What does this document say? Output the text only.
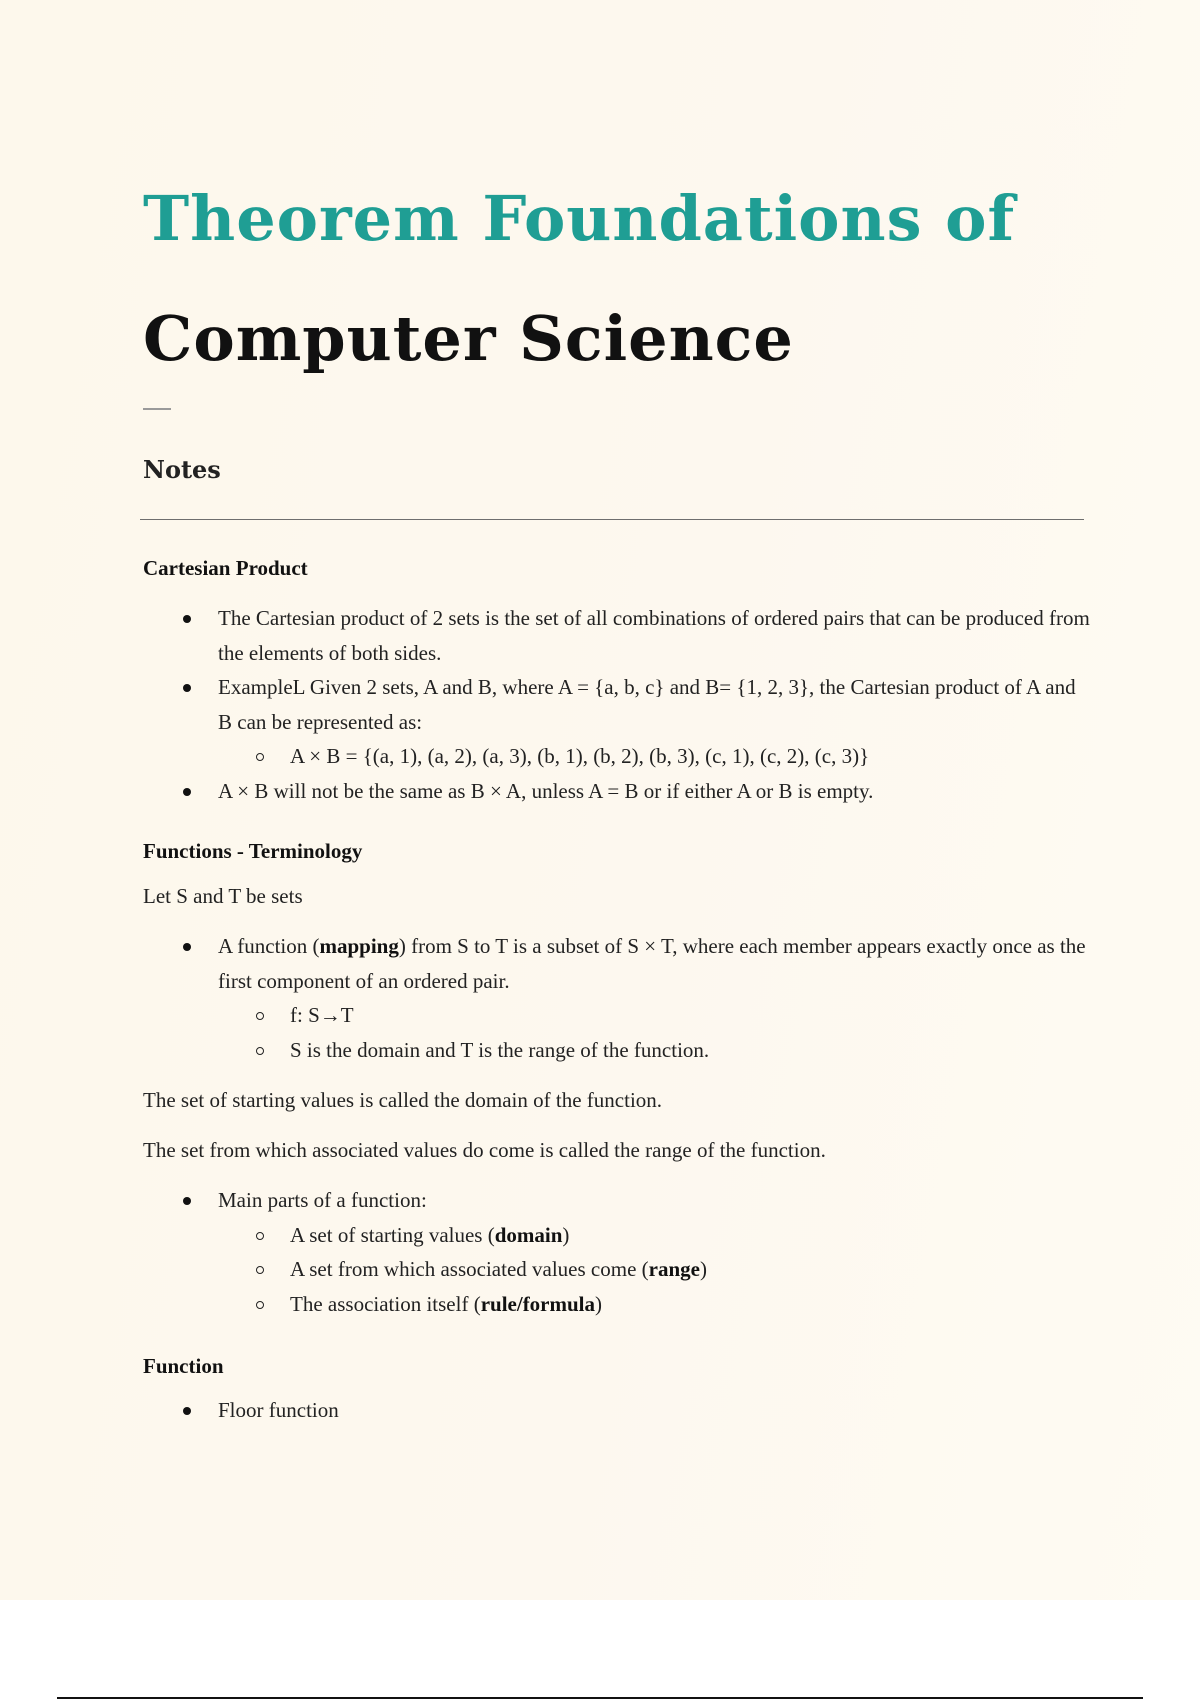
Theorem Foundations of
Computer Science
Notes
Cartesian Product
The Cartesian product of 2 sets is the set of all combinations of ordered pairs that can be produced from the elements of both sides.
ExampleL Given 2 sets, A and B, where A = {a, b, c} and B= {1, 2, 3}, the Cartesian product of A and B can be represented as:
A × B = {(a, 1), (a, 2), (a, 3), (b, 1), (b, 2), (b, 3), (c, 1), (c, 2), (c, 3)}
A × B will not be the same as B × A, unless A = B or if either A or B is empty.
Functions - Terminology
Let S and T be sets
A function (mapping) from S to T is a subset of S × T, where each member appears exactly once as the first component of an ordered pair.
f: S→T
S is the domain and T is the range of the function.
The set of starting values is called the domain of the function.
The set from which associated values do come is called the range of the function.
Main parts of a function:
A set of starting values (domain)
A set from which associated values come (range)
The association itself (rule/formula)
Function
Floor function
